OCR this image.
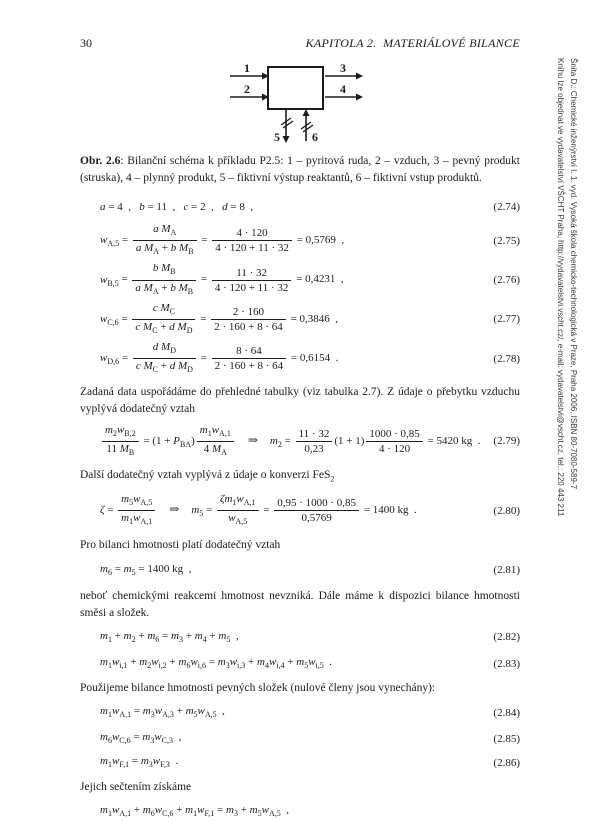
30	KAPITOLA 2.  MATERIÁLOVÉ BILANCE
1
2
3
4
5	6

Obr. 2.6: Bilanční schéma k příkladu P2.5: 1 – pyritová ruda, 2 – vzduch, 3 – pevný produkt (struska), 4 – plynný produkt, 5 – fiktivní výstup reaktantů, 6 – fiktivní vstup produktů.

a = 4  ,   b = 11  ,   c = 2  ,   d = 8  ,	(2.74)
$w_{A,5} = \frac{a M_A}{a M_A + b M_B} = \frac{4 \cdot 120}{4 \cdot 120 + 11 \cdot 32} = 0,5769$  ,	(2.75)
$w_{B,5} = \frac{b M_B}{a M_A + b M_B} = \frac{11 \cdot 32}{4 \cdot 120 + 11 \cdot 32} = 0,4231$  ,	(2.76)
$w_{C,6} = \frac{c M_C}{c M_C + d M_D} = \frac{2 \cdot 160}{2 \cdot 160 + 8 \cdot 64} = 0,3846$  ,	(2.77)
$w_{D,6} = \frac{d M_D}{c M_C + d M_D} = \frac{8 \cdot 64}{2 \cdot 160 + 8 \cdot 64} = 0,6154$  .	(2.78)

Zadaná data uspořádáme do přehledné tabulky (viz tabulka 2.7). Z údaje o přebytku vzduchu vyplývá dodatečný vztah

$\frac{m_2w_{B,2}}{11 M_B} = (1 + P_{BA}) \frac{m_1w_{A,1}}{4 M_A}$ ⇒ $m_2 = \frac{11 \cdot 32}{0,23} (1 + 1) \frac{1000 \cdot 0,85}{4 \cdot 120} = 5420$ kg  .	(2.79)

Další dodatečný vztah vyplývá z údaje o konverzi FeS$_2$

$\zeta = \frac{m_5w_{A,5}}{m_1w_{A,1}}$ ⇒ $m_5 = \frac{\zeta m_1w_{A,1}}{w_{A,5}} = \frac{0,95 \cdot 1000 \cdot 0,85}{0,5769} = 1400$ kg  .	(2.80)

Pro bilanci hmotnosti platí dodatečný vztah

$m_6 = m_5 = 1400$ kg  ,	(2.81)

neboť chemickými reakcemi hmotnost nevzniká. Dále máme k dispozici bilance hmotnosti směsi a složek.

$m_1 + m_2 + m_6 = m_3 + m_4 + m_5$  ,	(2.82)
$m_1w_{i,1} + m_2w_{i,2} + m_6w_{i,6} = m_3w_{i,3} + m_4w_{i,4} + m_5w_{i,5}$  .	(2.83)

Použijeme bilance hmotnosti pevných složek (nulové členy jsou vynechány):

$m_1w_{A,1} = m_3w_{A,3} + m_5w_{A,5}$  ,	(2.84)
$m_6w_{C,6} = m_3w_{C,3}$  ,	(2.85)
$m_1w_{F,1} = m_3w_{F,3}$  .	(2.86)

Jejich sečtením získáme

$m_1w_{A,1} + m_6w_{C,6} + m_1w_{F,1} = m_3 + m_5w_{A,5}$  ,
Šnita D.: Chemické inženýrství I. 1. vyd. Vysoká škola chemicko-technologická v Praze, Praha 2006. ISBN 80-7080-589-7
Knihu lze objednat ve vydavatelství VŠCHT Praha, http://vydavatelstvi.vscht.cz/, e-mail: vydavatelstvi@vscht.cz, tel.: 220 443 211
